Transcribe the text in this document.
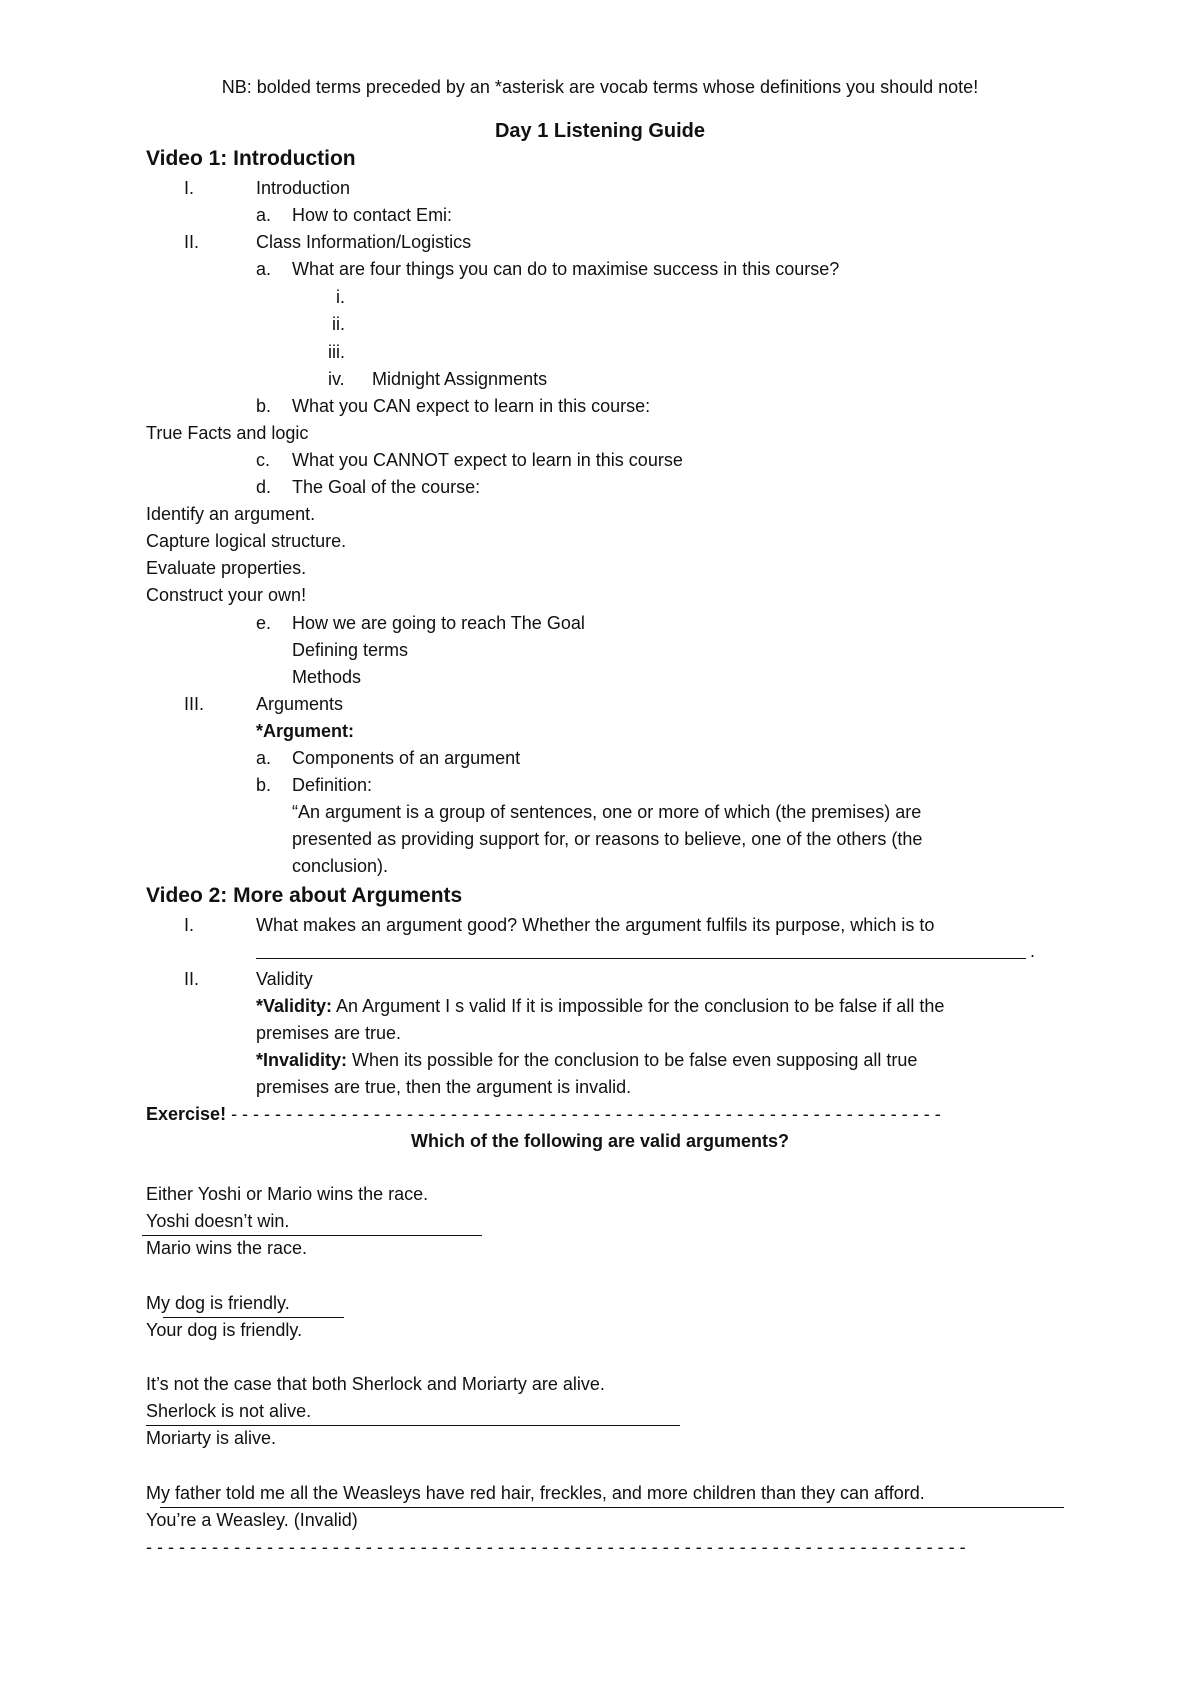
NB: bolded terms preceded by an *asterisk are vocab terms whose definitions you should note!
Day 1 Listening Guide
Video 1: Introduction
I.	Introduction
a. How to contact Emi:
II.	Class Information/Logistics
a. What are four things you can do to maximise success in this course?
i.
ii.
iii.
iv. Midnight Assignments
b. What you CAN expect to learn in this course:
True Facts and logic
c. What you CANNOT expect to learn in this course
d. The Goal of the course:
Identify an argument.
Capture logical structure.
Evaluate properties.
Construct your own!
e. How we are going to reach The Goal
Defining terms
Methods
III.	Arguments
*Argument:
a. Components of an argument
b. Definition:
“An argument is a group of sentences, one or more of which (the premises) are
presented as providing support for, or reasons to believe, one of the others (the
conclusion).
Video 2: More about Arguments
I.	What makes an argument good? Whether the argument fulfils its purpose, which is to
.
II.	Validity
*Validity: An Argument I s valid If it is impossible for the conclusion to be false if all the
premises are true.
*Invalidity: When its possible for the conclusion to be false even supposing all true
premises are true, then the argument is invalid.
Exercise! - - - - - - - - - - - - - - - - - - - - - - - - - - - - - - - - - - - - - - - - - - - - - - - - - - - - - - - - - - - - - - - - -
Which of the following are valid arguments?
Either Yoshi or Mario wins the race.
Yoshi doesn’t win.
Mario wins the race.
My dog is friendly.
Your dog is friendly.
It’s not the case that both Sherlock and Moriarty are alive.
Sherlock is not alive.
Moriarty is alive.
My father told me all the Weasleys have red hair, freckles, and more children than they can afford.
You’re a Weasley. (Invalid)
- - - - - - - - - - - - - - - - - - - - - - - - - - - - - - - - - - - - - - - - - - - - - - - - - - - - - - - - - - - - - - - - - - - - - - - - - - -
